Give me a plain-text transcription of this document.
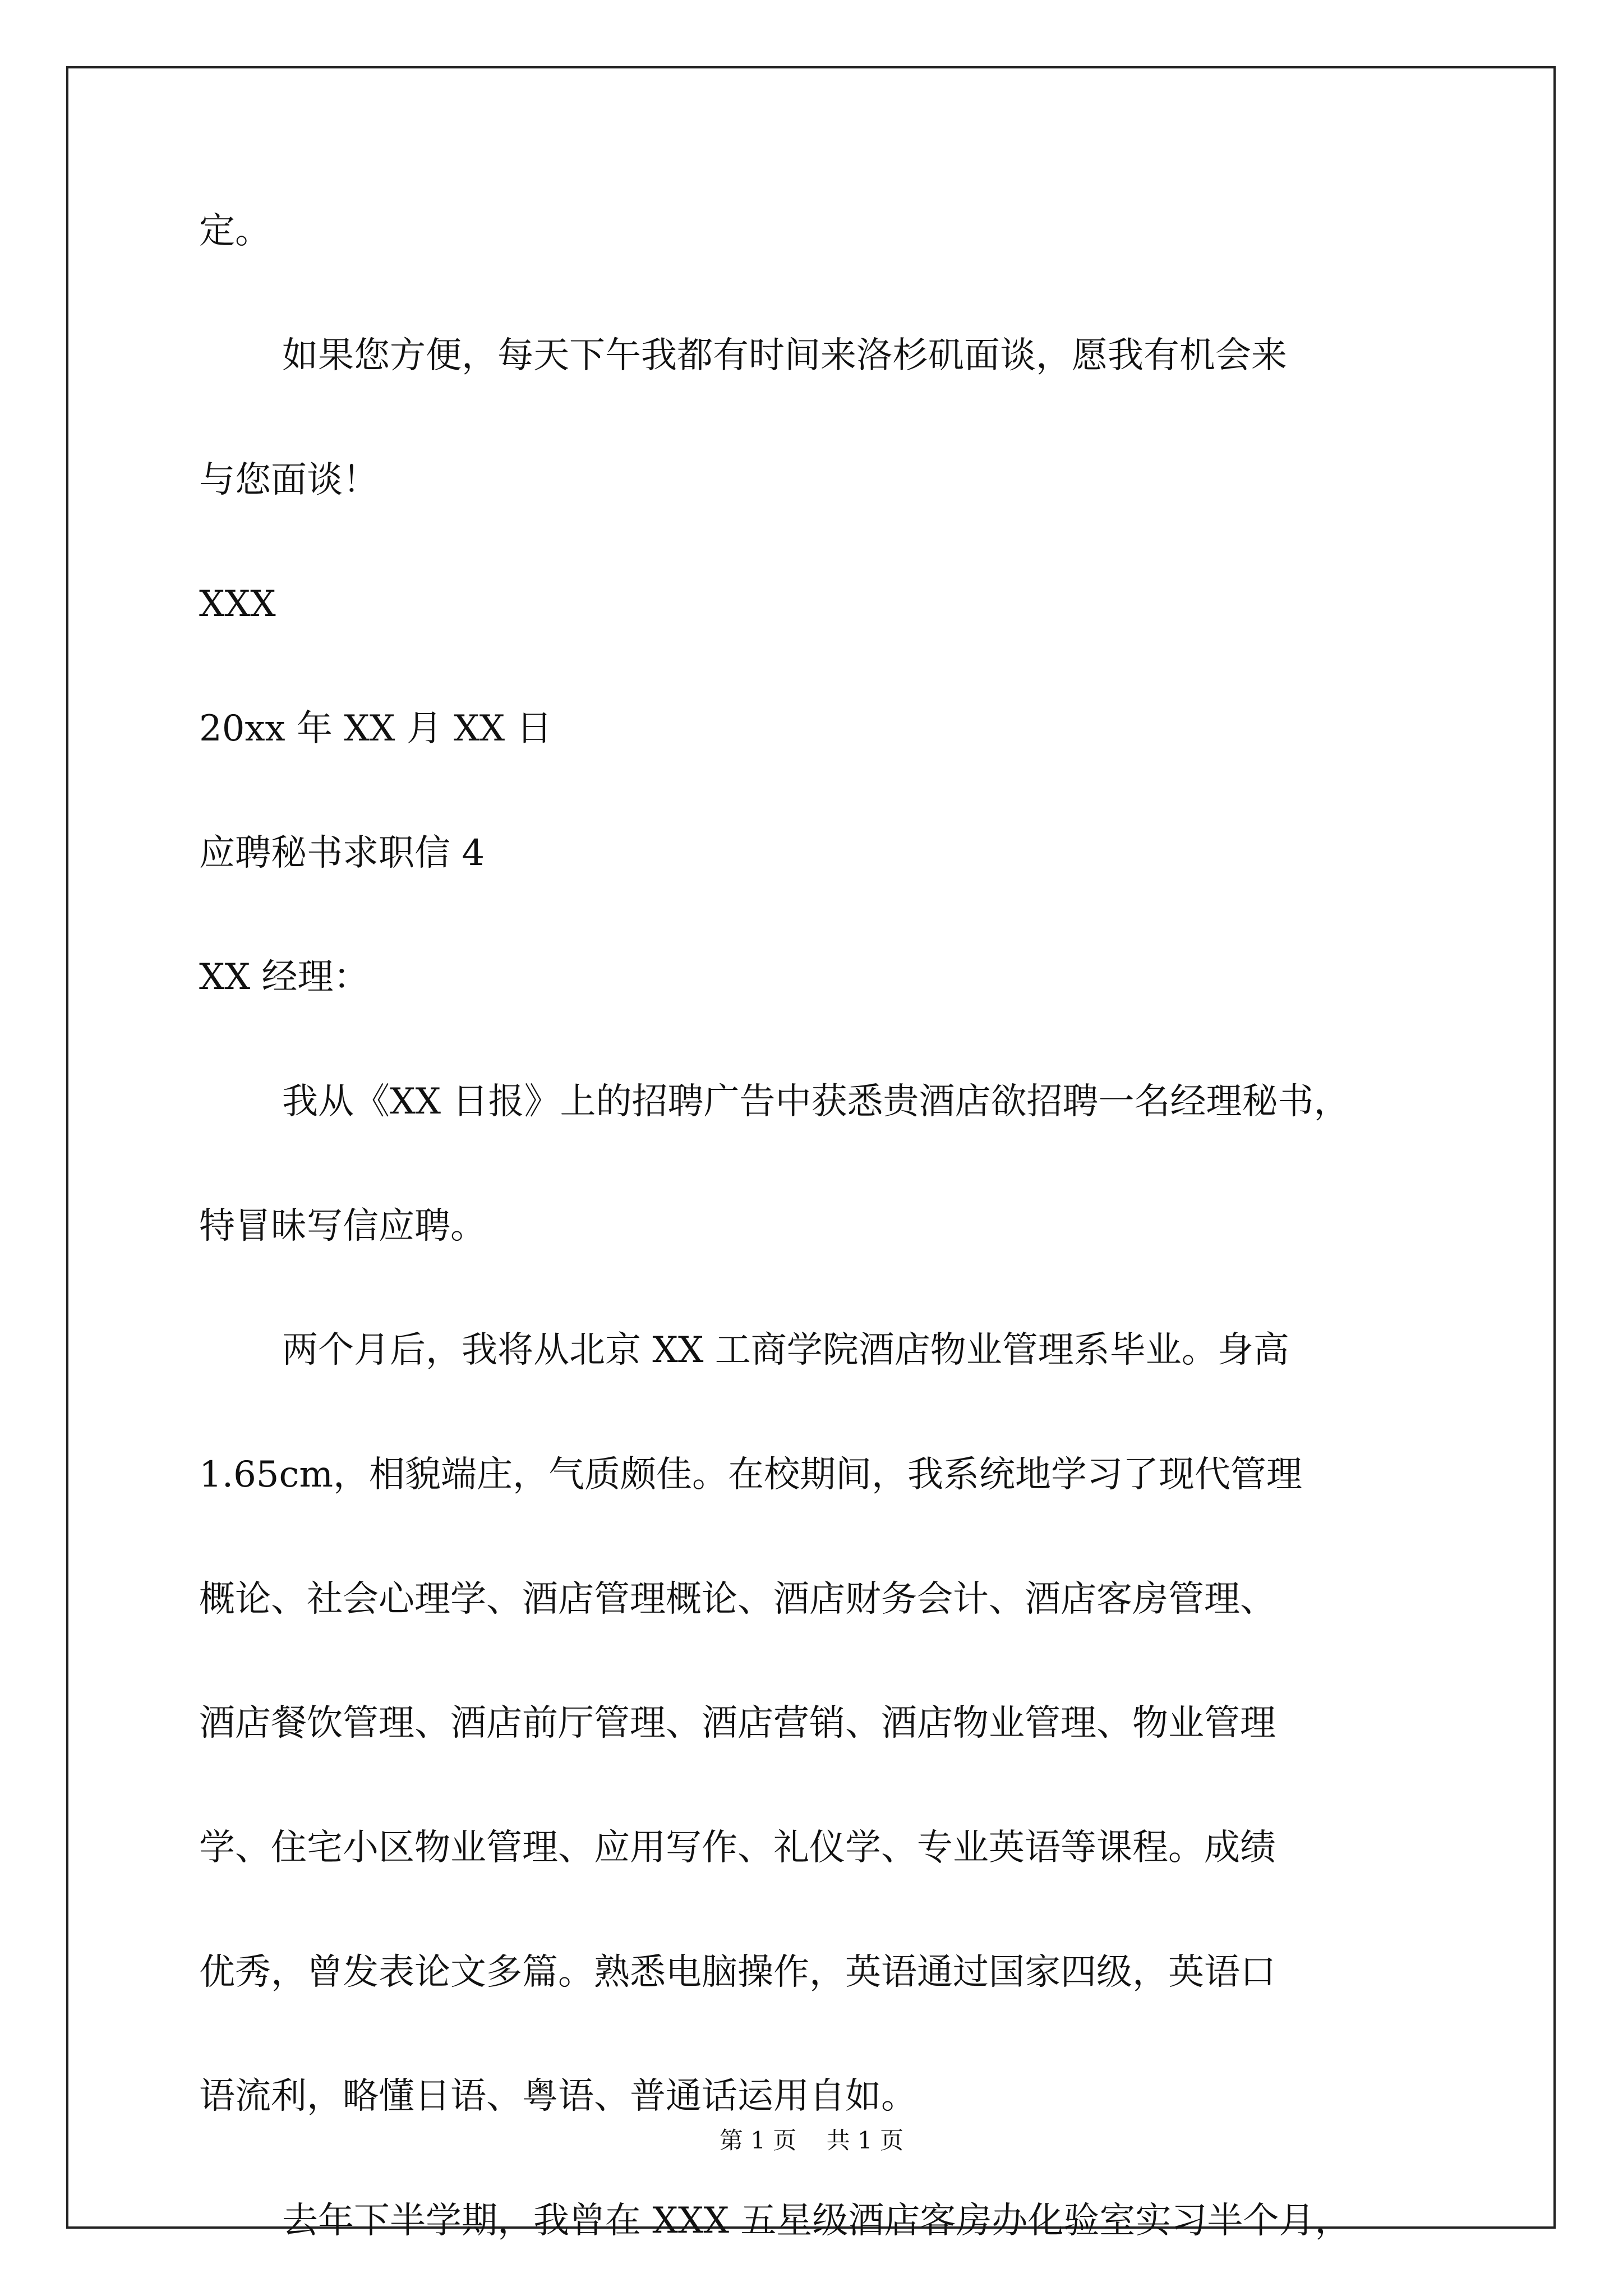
定。
如果您方便，每天下午我都有时间来洛杉矶面谈，愿我有机会来
与您面谈！
XXX
20xx 年 XX 月 XX 日
应聘秘书求职信 4
XX 经理：
我从《XX 日报》上的招聘广告中获悉贵酒店欲招聘一名经理秘书，
特冒昧写信应聘。
两个月后，我将从北京 XX 工商学院酒店物业管理系毕业。身高
1.65cm，相貌端庄，气质颇佳。在校期间，我系统地学习了现代管理
概论、社会心理学、酒店管理概论、酒店财务会计、酒店客房管理、
酒店餐饮管理、酒店前厅管理、酒店营销、酒店物业管理、物业管理
学、住宅小区物业管理、应用写作、礼仪学、专业英语等课程。成绩
优秀，曾发表论文多篇。熟悉电脑操作，英语通过国家四级，英语口
语流利，略懂日语、粤语、普通话运用自如。
去年下半学期，我曾在 XXX 五星级酒店客房办化验室实习半个月，
第 1 页    共 1 页
